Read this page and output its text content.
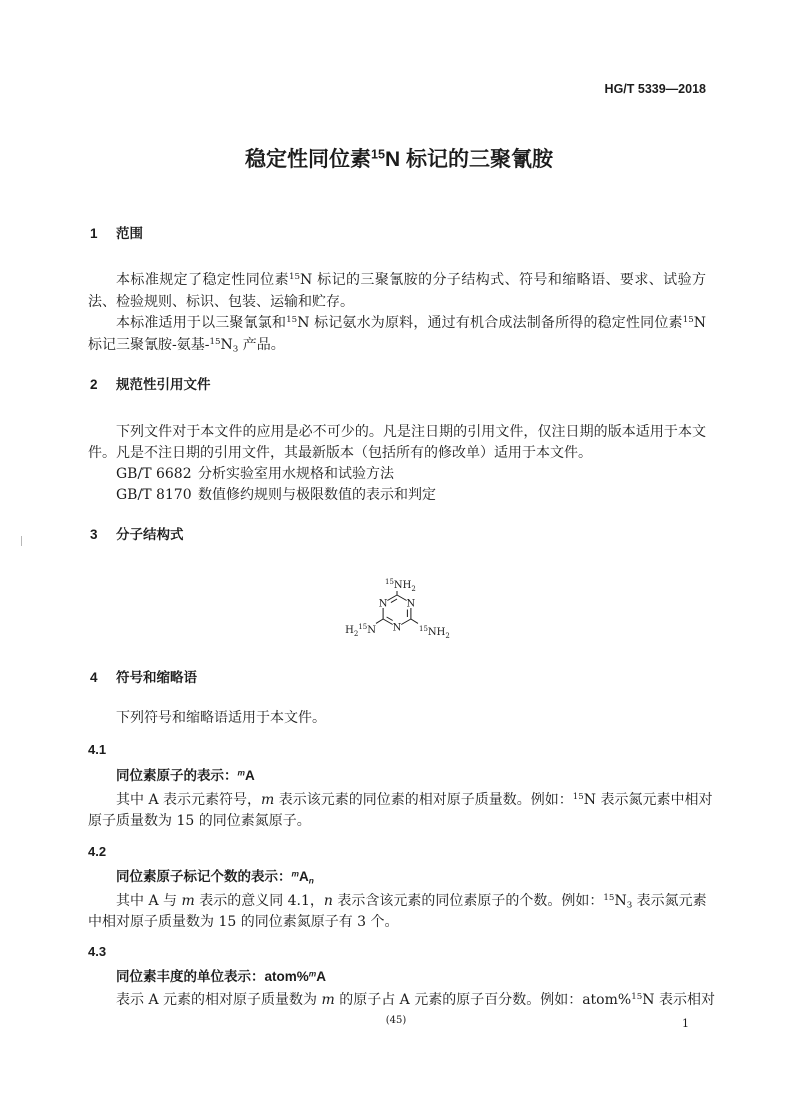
HG/T 5339—2018
稳定性同位素$^{15}$N 标记的三聚氰胺
1 范围
本标准规定了稳定性同位素$^{15}$N 标记的三聚氰胺的分子结构式、符号和缩略语、要求、试验方
法、检验规则、标识、包装、运输和贮存。
本标准适用于以三聚氰氯和$^{15}$N 标记氨水为原料，通过有机合成法制备所得的稳定性同位素$^{15}$N
标记三聚氰胺-氨基-$^{15}$N3 产品。
2 规范性引用文件
下列文件对于本文件的应用是必不可少的。凡是注日期的引用文件，仅注日期的版本适用于本文
件。凡是不注日期的引用文件，其最新版本（包括所有的修改单）适用于本文件。
GB/T 6682 分析实验室用水规格和试验方法
GB/T 8170 数值修约规则与极限数值的表示和判定
3 分子结构式
N N
N
$^{15}NH_2$
$H_2^{15}N$	$^{15}NH_2$
4 符号和缩略语
下列符号和缩略语适用于本文件。
4.1
同位素原子的表示：$^m$A
其中 A 表示元素符号，m 表示该元素的同位素的相对原子质量数。例如：$^{15}$N 表示氮元素中相对
原子质量数为 15 的同位素氮原子。
4.2
同位素原子标记个数的表示：$^m$An
其中 A 与 m 表示的意义同 4.1，n 表示含该元素的同位素原子的个数。例如：$^{15}$N3 表示氮元素
中相对原子质量数为 15 的同位素氮原子有 3 个。
4.3
同位素丰度的单位表示：atom%$^m$A
表示 A 元素的相对原子质量数为 m 的原子占 A 元素的原子百分数。例如：atom%$^{15}$N 表示相对
(45)	1
